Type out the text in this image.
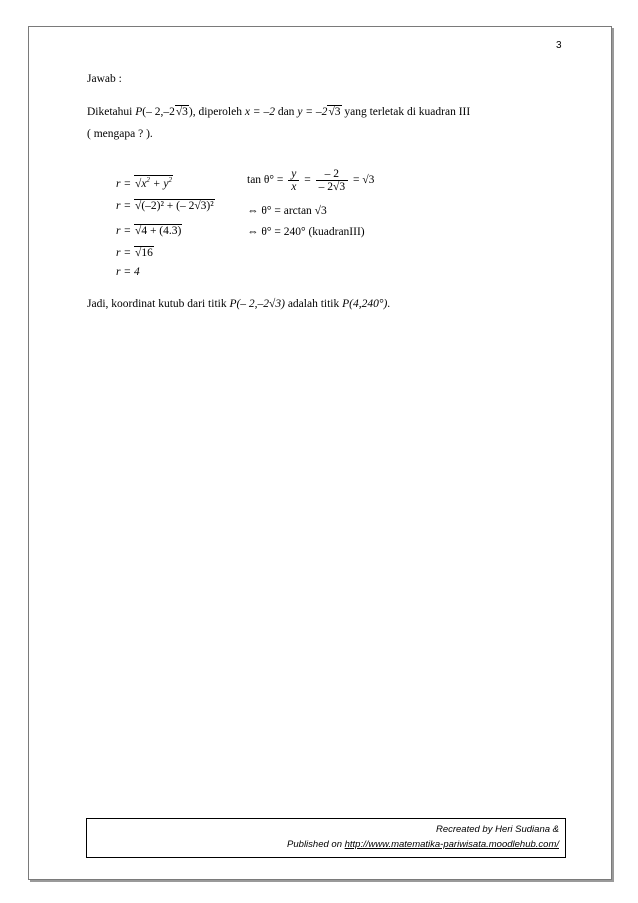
3
Jawab :
Diketahui P(– 2,–2√3), diperoleh x = –2 dan y = –2√3 yang terletak di kuadran III
( mengapa ? ).
$r = √x^2 + y^2$
r = √(–2)² + (– 2√3)²
r = √4 + (4.3)
r = √16
r = 4
$\tan \theta^\circ = \frac{y}{x} = \frac{- 2}{- 2√3} = √3$
⇔ θ° = arctan √3
⇔ θ° = 240° (kuadranIII)
Jadi, koordinat kutub dari titik P(– 2,–2√3) adalah titik P(4,240°).
Recreated by Heri Sudiana &
Published on http://www.matematika-pariwisata.moodlehub.com/
